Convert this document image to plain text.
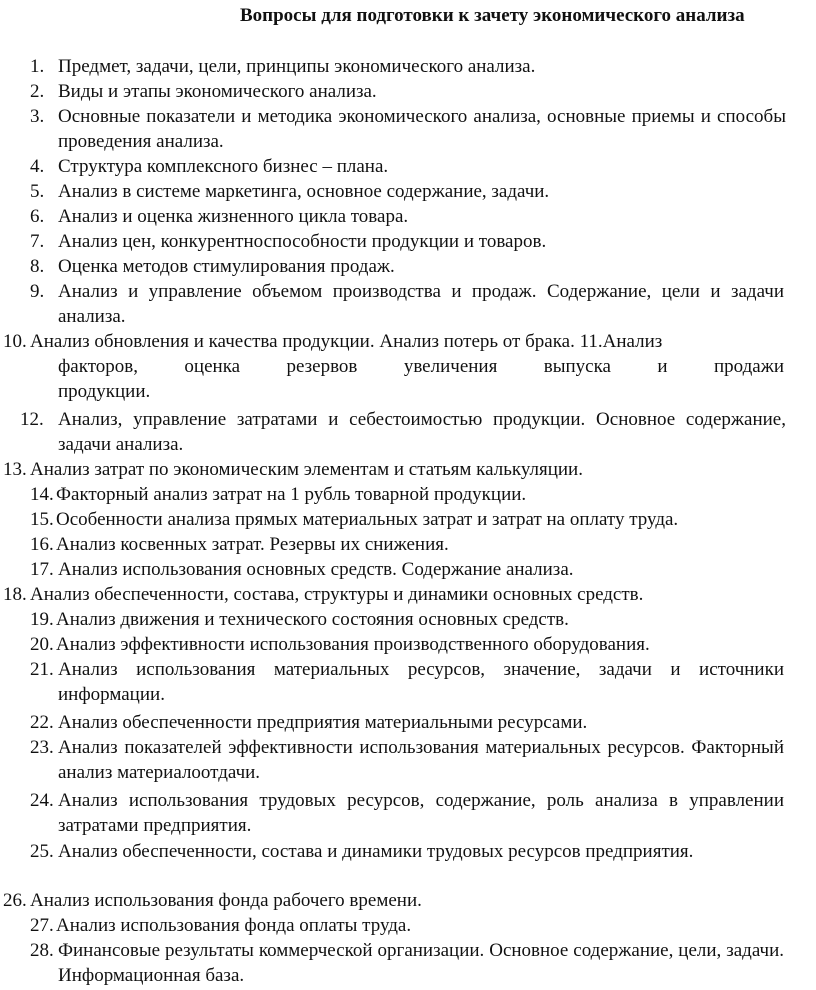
Вопросы для подготовки к зачету экономического анализа
1. Предмет, задачи, цели, принципы экономического анализа.
2. Виды и этапы экономического анализа.
3. Основные показатели и методика экономического анализа, основные приемы и способы проведения анализа.
4. Структура комплексного бизнес – плана.
5. Анализ в системе маркетинга, основное содержание, задачи.
6. Анализ и оценка жизненного цикла товара.
7. Анализ цен, конкурентноспособности продукции и товаров.
8. Оценка методов стимулирования продаж.
9. Анализ и управление объемом производства и продаж. Содержание, цели и задачи анализа.
10. Анализ обновления и качества продукции. Анализ потерь от брака. 11.Анализ
факторов, оценка резервов увеличения выпуска и продажи
продукции.
12. Анализ, управление затратами и себестоимостью продукции. Основное содержание, задачи анализа.
13. Анализ затрат по экономическим элементам и статьям калькуляции.
14. Факторный анализ затрат на 1 рубль товарной продукции.
15. Особенности анализа прямых материальных затрат и затрат на оплату труда.
16. Анализ косвенных затрат. Резервы их снижения.
17. Анализ использования основных средств. Содержание анализа.
18. Анализ обеспеченности, состава, структуры и динамики основных средств.
19. Анализ движения и технического состояния основных средств.
20. Анализ эффективности использования производственного оборудования.
21. Анализ использования материальных ресурсов, значение, задачи и источники информации.
22. Анализ обеспеченности предприятия материальными ресурсами.
23. Анализ показателей эффективности использования материальных ресурсов. Факторный анализ материалоотдачи.
24. Анализ использования трудовых ресурсов, содержание, роль анализа в управлении затратами предприятия.
25. Анализ обеспеченности, состава и динамики трудовых ресурсов предприятия.
26. Анализ использования фонда рабочего времени.
27. Анализ использования фонда оплаты труда.
28. Финансовые результаты коммерческой организации. Основное содержание, цели, задачи. Информационная база.
